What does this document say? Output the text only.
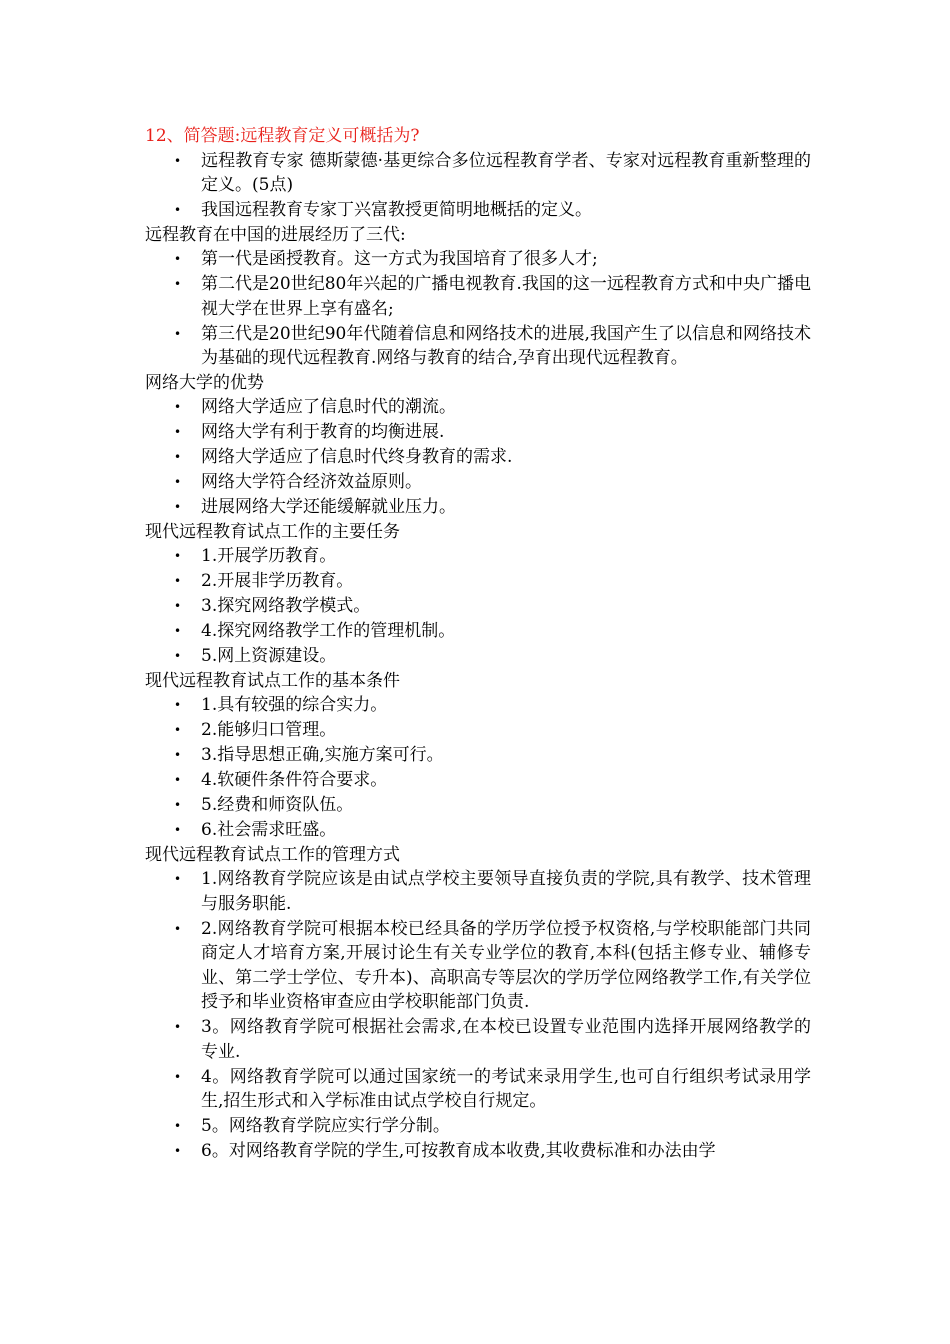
12、简答题:远程教育定义可概括为?

• 远程教育专家 德斯蒙德·基更综合多位远程教育学者、专家对远程教育重新整理的定义。(5点)
• 我国远程教育专家丁兴富教授更简明地概括的定义。

远程教育在中国的进展经历了三代:

• 第一代是函授教育。这一方式为我国培育了很多人才;
• 第二代是20世纪80年兴起的广播电视教育.我国的这一远程教育方式和中央广播电视大学在世界上享有盛名;
• 第三代是20世纪90年代随着信息和网络技术的进展,我国产生了以信息和网络技术为基础的现代远程教育.网络与教育的结合,孕育出现代远程教育。

网络大学的优势

• 网络大学适应了信息时代的潮流。
• 网络大学有利于教育的均衡进展.
• 网络大学适应了信息时代终身教育的需求.
• 网络大学符合经济效益原则。
• 进展网络大学还能缓解就业压力。

现代远程教育试点工作的主要任务

• 1.开展学历教育。
• 2.开展非学历教育。
• 3.探究网络教学模式。
• 4.探究网络教学工作的管理机制。
• 5.网上资源建设。

现代远程教育试点工作的基本条件

• 1.具有较强的综合实力。
• 2.能够归口管理。
• 3.指导思想正确,实施方案可行。
• 4.软硬件条件符合要求。
• 5.经费和师资队伍。
• 6.社会需求旺盛。

现代远程教育试点工作的管理方式

• 1.网络教育学院应该是由试点学校主要领导直接负责的学院,具有教学、技术管理与服务职能.
• 2.网络教育学院可根据本校已经具备的学历学位授予权资格,与学校职能部门共同商定人才培育方案,开展讨论生有关专业学位的教育,本科(包括主修专业、辅修专业、第二学士学位、专升本)、高职高专等层次的学历学位网络教学工作,有关学位授予和毕业资格审查应由学校职能部门负责.
• 3。网络教育学院可根据社会需求,在本校已设置专业范围内选择开展网络教学的专业.
• 4。网络教育学院可以通过国家统一的考试来录用学生,也可自行组织考试录用学生,招生形式和入学标准由试点学校自行规定。
• 5。网络教育学院应实行学分制。
• 6。对网络教育学院的学生,可按教育成本收费,其收费标准和办法由学
